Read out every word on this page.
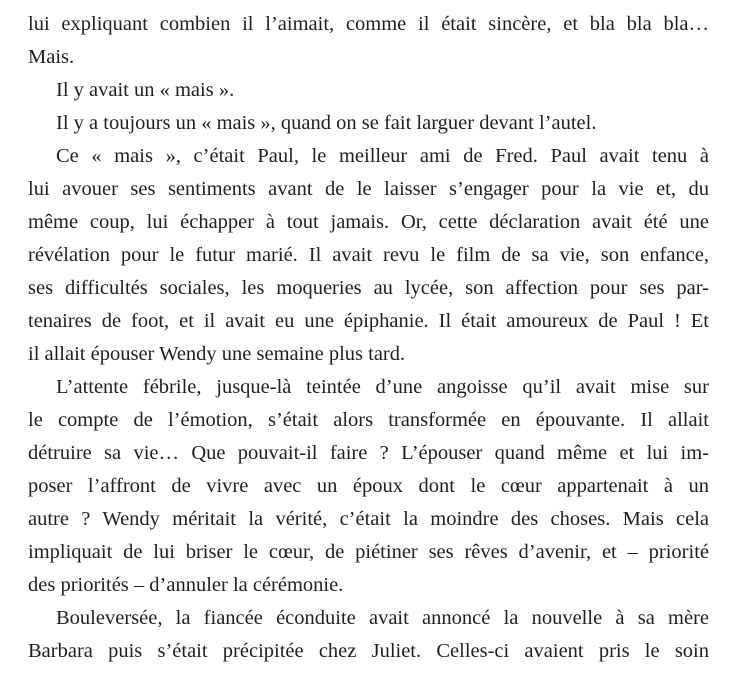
lui expliquant combien il l’aimait, comme il était sincère, et bla bla bla…
Mais.
Il y avait un « mais ».
Il y a toujours un « mais », quand on se fait larguer devant l’autel.
Ce « mais », c’était Paul, le meilleur ami de Fred. Paul avait tenu à
lui avouer ses sentiments avant de le laisser s’engager pour la vie et, du
même coup, lui échapper à tout jamais. Or, cette déclaration avait été une
révélation pour le futur marié. Il avait revu le film de sa vie, son enfance,
ses difficultés sociales, les moqueries au lycée, son affection pour ses par-
tenaires de foot, et il avait eu une épiphanie. Il était amoureux de Paul ! Et
il allait épouser Wendy une semaine plus tard.
L’attente fébrile, jusque-là teintée d’une angoisse qu’il avait mise sur
le compte de l’émotion, s’était alors transformée en épouvante. Il allait
détruire sa vie… Que pouvait-il faire ? L’épouser quand même et lui im-
poser l’affront de vivre avec un époux dont le cœur appartenait à un
autre ? Wendy méritait la vérité, c’était la moindre des choses. Mais cela
impliquait de lui briser le cœur, de piétiner ses rêves d’avenir, et – priorité
des priorités – d’annuler la cérémonie.
Bouleversée, la fiancée éconduite avait annoncé la nouvelle à sa mère
Barbara puis s’était précipitée chez Juliet. Celles-ci avaient pris le soin
